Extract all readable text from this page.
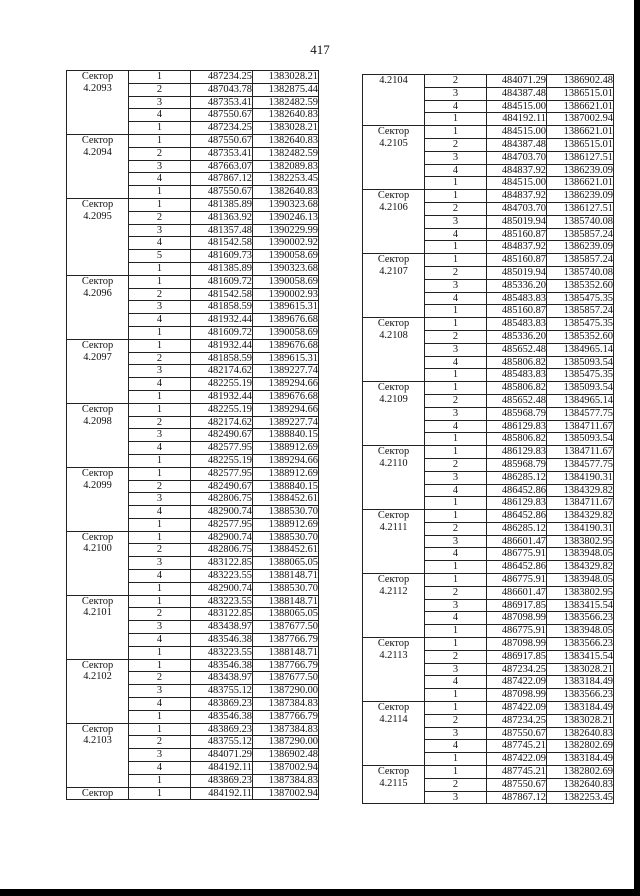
417
Сектор
4.2093	1	487234.25	1383028.21
	2	487043.78	1382875.44
	3	487353.41	1382482.59
	4	487550.67	1382640.83
	1	487234.25	1383028.21

Сектор
4.2094	1	487550.67	1382640.83
	2	487353.41	1382482.59
	3	487663.07	1382089.83
	4	487867.12	1382253.45
	1	487550.67	1382640.83

Сектор
4.2095	1	481385.89	1390323.68
	2	481363.92	1390246.13
	3	481357.48	1390229.99
	4	481542.58	1390002.92
	5	481609.73	1390058.69
	1	481385.89	1390323.68

Сектор
4.2096	1	481609.72	1390058.69
	2	481542.58	1390002.93
	3	481858.59	1389615.31
	4	481932.44	1389676.68
	1	481609.72	1390058.69

Сектор
4.2097	1	481932.44	1389676.68
	2	481858.59	1389615.31
	3	482174.62	1389227.74
	4	482255.19	1389294.66
	1	481932.44	1389676.68

Сектор
4.2098	1	482255.19	1389294.66
	2	482174.62	1389227.74
	3	482490.67	1388840.15
	4	482577.95	1388912.69
	1	482255.19	1389294.66

Сектор
4.2099	1	482577.95	1388912.69
	2	482490.67	1388840.15
	3	482806.75	1388452.61
	4	482900.74	1388530.70
	1	482577.95	1388912.69

Сектор
4.2100	1	482900.74	1388530.70
	2	482806.75	1388452.61
	3	483122.85	1388065.05
	4	483223.55	1388148.71
	1	482900.74	1388530.70

Сектор
4.2101	1	483223.55	1388148.71
	2	483122.85	1388065.05
	3	483438.97	1387677.50
	4	483546.38	1387766.79
	1	483223.55	1388148.71

Сектор
4.2102	1	483546.38	1387766.79
	2	483438.97	1387677.50
	3	483755.12	1387290.00
	4	483869.23	1387384.83
	1	483546.38	1387766.79

Сектор
4.2103	1	483869.23	1387384.83
	2	483755.12	1387290.00
	3	484071.29	1386902.48
	4	484192.11	1387002.94
	1	483869.23	1387384.83

Сектор	1	484192.11	1387002.94
4.2104	2	484071.29	1386902.48
	3	484387.48	1386515.01
	4	484515.00	1386621.01
	1	484192.11	1387002.94

Сектор
4.2105	1	484515.00	1386621.01
	2	484387.48	1386515.01
	3	484703.70	1386127.51
	4	484837.92	1386239.09
	1	484515.00	1386621.01

Сектор
4.2106	1	484837.92	1386239.09
	2	484703.70	1386127.51
	3	485019.94	1385740.08
	4	485160.87	1385857.24
	1	484837.92	1386239.09

Сектор
4.2107	1	485160.87	1385857.24
	2	485019.94	1385740.08
	3	485336.20	1385352.60
	4	485483.83	1385475.35
	1	485160.87	1385857.24

Сектор
4.2108	1	485483.83	1385475.35
	2	485336.20	1385352.60
	3	485652.48	1384965.14
	4	485806.82	1385093.54
	1	485483.83	1385475.35

Сектор
4.2109	1	485806.82	1385093.54
	2	485652.48	1384965.14
	3	485968.79	1384577.75
	4	486129.83	1384711.67
	1	485806.82	1385093.54

Сектор
4.2110	1	486129.83	1384711.67
	2	485968.79	1384577.75
	3	486285.12	1384190.31
	4	486452.86	1384329.82
	1	486129.83	1384711.67

Сектор
4.2111	1	486452.86	1384329.82
	2	486285.12	1384190.31
	3	486601.47	1383802.95
	4	486775.91	1383948.05
	1	486452.86	1384329.82

Сектор
4.2112	1	486775.91	1383948.05
	2	486601.47	1383802.95
	3	486917.85	1383415.54
	4	487098.99	1383566.23
	1	486775.91	1383948.05

Сектор
4.2113	1	487098.99	1383566.23
	2	486917.85	1383415.54
	3	487234.25	1383028.21
	4	487422.09	1383184.49
	1	487098.99	1383566.23

Сектор
4.2114	1	487422.09	1383184.49
	2	487234.25	1383028.21
	3	487550.67	1382640.83
	4	487745.21	1382802.69
	1	487422.09	1383184.49

Сектор
4.2115	1	487745.21	1382802.69
	2	487550.67	1382640.83
	3	487867.12	1382253.45
